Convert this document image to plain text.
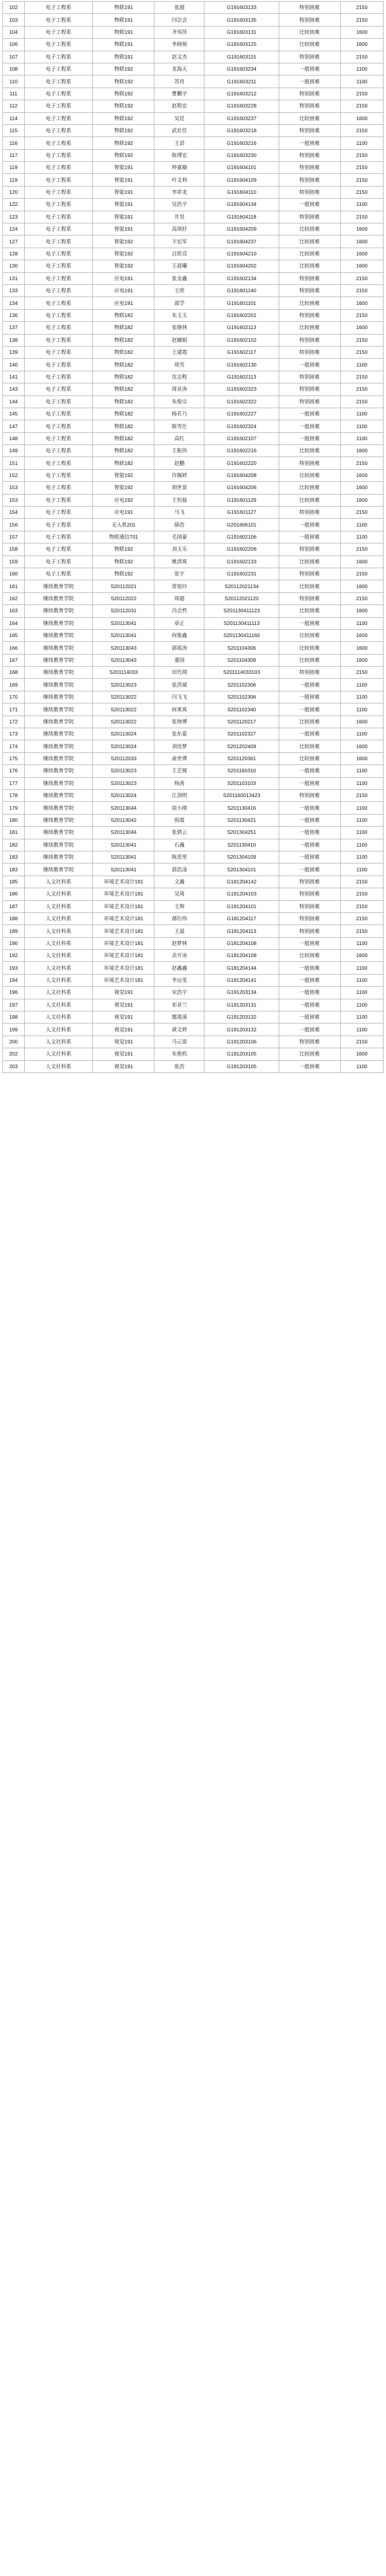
102	电子工程系	物联191	张超	G191603133	特别困难	2150

103	电子工程系	物联191	闫会会	G191603135	特别困难	2150

104	电子工程系	物联191	齐伟萍	G191603131	比较困难	1600

106	电子工程系	物联191	李晓萌	G191603125	比较困难	1600

107	电子工程系	物联191	赵文杰	G191603115	特别困难	2150

108	电子工程系	物联192	龙海天	G191603234	一般困难	1100

110	电子工程系	物联192	苏肖	G191603211	一般困难	1100

111	电子工程系	物联192	曹鹏宇	G191603212	特别困难	2150

112	电子工程系	物联192	赵程宏	G191603228	特别困难	2150

114	电子工程系	物联192	吴廷	G191603237	比较困难	1600

115	电子工程系	物联192	武社任	G191603218	特别困难	2150

116	电子工程系	物联192	王滔	G191603216	一般困难	1100

117	电子工程系	物联192	陈博宏	G191603230	特别困难	2150

119	电子工程系	智能191	钟嘉璇	G191604101	特别困难	2150

119	电子工程系	智能191	叶文利	G191604109	特别困难	2150

120	电子工程系	智能191	李祥龙	G191604110	特别困难	2150

122	电子工程系	智能191	吴浩宇	G191604134	一般困难	1100

123	电子工程系	智能191	井昊	G191604118	特别困难	2150

124	电子工程系	智能191	高琪好	G191604209	比较困难	1600

127	电子工程系	智能192	卞宏军	G191604237	比较困难	1600

128	电子工程系	智能192	吕欣亮	G191604210	比较困难	1600

130	电子工程系	智能192	王晨曦	G191604202	比较困难	1600

131	电子工程系	应电191	张金鑫	G191602134	特别困难	2150

133	电子工程系	应电191	王欣	G191601140	特别困难	2150

134	电子工程系	应电191	邵学	G191601101	比较困难	1600

136	电子工程系	物联182	朱玉玉	G191602201	特别困难	2150

137	电子工程系	物联182	张继林	G191602113	比较困难	1600

138	电子工程系	物联182	赵嫿娟	G191602102	特别困难	2150

139	电子工程系	物联182	王建霞	G191602117	特别困难	2150

140	电子工程系	物联182	周雪	G191602130	一般困难	1100

141	电子工程系	物联182	沈志程	G191602113	特别困难	2150

143	电子工程系	物联182	周亚涛	G191602323	特别困难	2150

144	电子工程系	物联182	朱俊宗	G191602322	特别困难	2150

145	电子工程系	物联182	杨若乃	G191602227	一般困难	1100

147	电子工程系	物联182	陈雪仕	G191602324	一般困难	1100

148	电子工程系	物联182	高红	G191602107	一般困难	1100

149	电子工程系	物联182	王振伟	G191602216	比较困难	1600

151	电子工程系	物联182	赵鹏	G191602220	特别困难	2150

152	电子工程系	智能192	许佩婷	G191604208	比较困难	1600

153	电子工程系	智能192	胡世景	G191604206	比较困难	1600

153	电子工程系	应电192	王恒磊	G191601129	比较困难	1600

154	电子工程系	应电191	马飞	G191601127	特别困难	2150

156	电子工程系	无人机201	薛浩	G201606101	一般困难	1100

157	电子工程系	物联通信701	毛国豪	G191602106	一般困难	1100

158	电子工程系	物联192	刘玉乐	G191602206	特别困难	2150

159	电子工程系	物联192	姚清爽	G191602133	比较困难	1600

160	电子工程系	物联192	张宇	G191602231	特别困难	2150

161	继续教育学院	S20112021	常旭玲	S20112021134	比较困难	1600

162	继续教育学院	S20112022	周超	S20112021120	特别困难	2150

163	继续教育学院	S20112031	冯会哲	S201130411123	比较困难	1600

164	继续教育学院	S20113041	章正	S201130411113	一般困难	1100

165	继续教育学院	S20113041	何俊鑫	S201130411160	比较困难	1600

166	继续教育学院	S20113043	郭瑶涛	S201104306	比较困难	1600

167	继续教育学院	S20113043	董国	S201104309	比较困难	1600

168	继续教育学院	S201114033	田代琪	S201114033103	特别困难	2150

169	继续教育学院	S20113023	张洪斌	S201102306	一般困难	1100

170	继续教育学院	S20113022	闫飞飞	S201102306	一般困难	1100

171	继续教育学院	S20113022	何爽爽	S201102340	一般困难	1100

172	继续教育学院	S20113022	张帅博	S201120217	比较困难	1600

173	继续教育学院	S20113024	张东翟	S201102327	一般困难	1100

174	继续教育学院	S20113024	刘佳梦	S201202409	比较困难	1600

175	继续教育学院	S20112033	俞世博	S201120361	比较困难	1600

176	继续教育学院	S20113023	王艺娓	S201160310	一般困难	1100

177	继续教育学院	S20113023	杨茜	S201103103	一般困难	1100

178	继续教育学院	S20113024	江剑明	S201160013423	特别困难	2150

179	继续教育学院	S20113044	徐小刚	S201130416	一般困难	1100

180	继续教育学院	S20113042	倪震	S201130421	一般困难	1100

181	继续教育学院	S20113044	张倩云	S201304251	一般困难	1100

182	继续教育学院	S20113041	石鑫	S201130410	一般困难	1100

183	继续教育学院	S20113041	陈思里	S201304109	一般困难	1100

183	继续教育学院	S20113041	郭浩凌	S201304101	一般困难	1100

185	人文社科系	环境艺术设计191	文鑫	G181204142	特别困难	2150

186	人文社科系	环境艺术设计181	吴琦	G191204103	特别困难	2150

187	人文社科系	环境艺术设计181	王辉	G191204101	特别困难	2150

188	人文社科系	环境艺术设计181	郝衍伟	G181204117	特别困难	2150

189	人文社科系	环境艺术设计181	王晨	G181204113	特别困难	2150

190	人文社科系	环境艺术设计181	赵梦林	G181204108	一般困难	1100

192	人文社科系	环境艺术设计181	余开冰	G181204108	比较困难	1600

193	人文社科系	环境艺术设计181	赵鑫鑫	G181204144	一般困难	1100

194	人文社科系	环境艺术设计181	李运变	G181204141	一般困难	1100

196	人文社科系	视觉191	宋浩宇	G191203134	一般困难	1100

197	人文社科系	视觉191	祁亚兰	G191203131	一般困难	1100

198	人文社科系	视觉191	鄢浚漠	G191203132	一般困难	1100

199	人文社科系	视觉191	黄文婷	G191203132	一般困难	1100

200	人文社科系	视觉191	马云雷	G191203106	特别困难	2150

202	人文社科系	视觉191	朱艳机	G191203105	比较困难	1600

203	人文社科系	视觉191	张浩	G191203105	一般困难	1100
